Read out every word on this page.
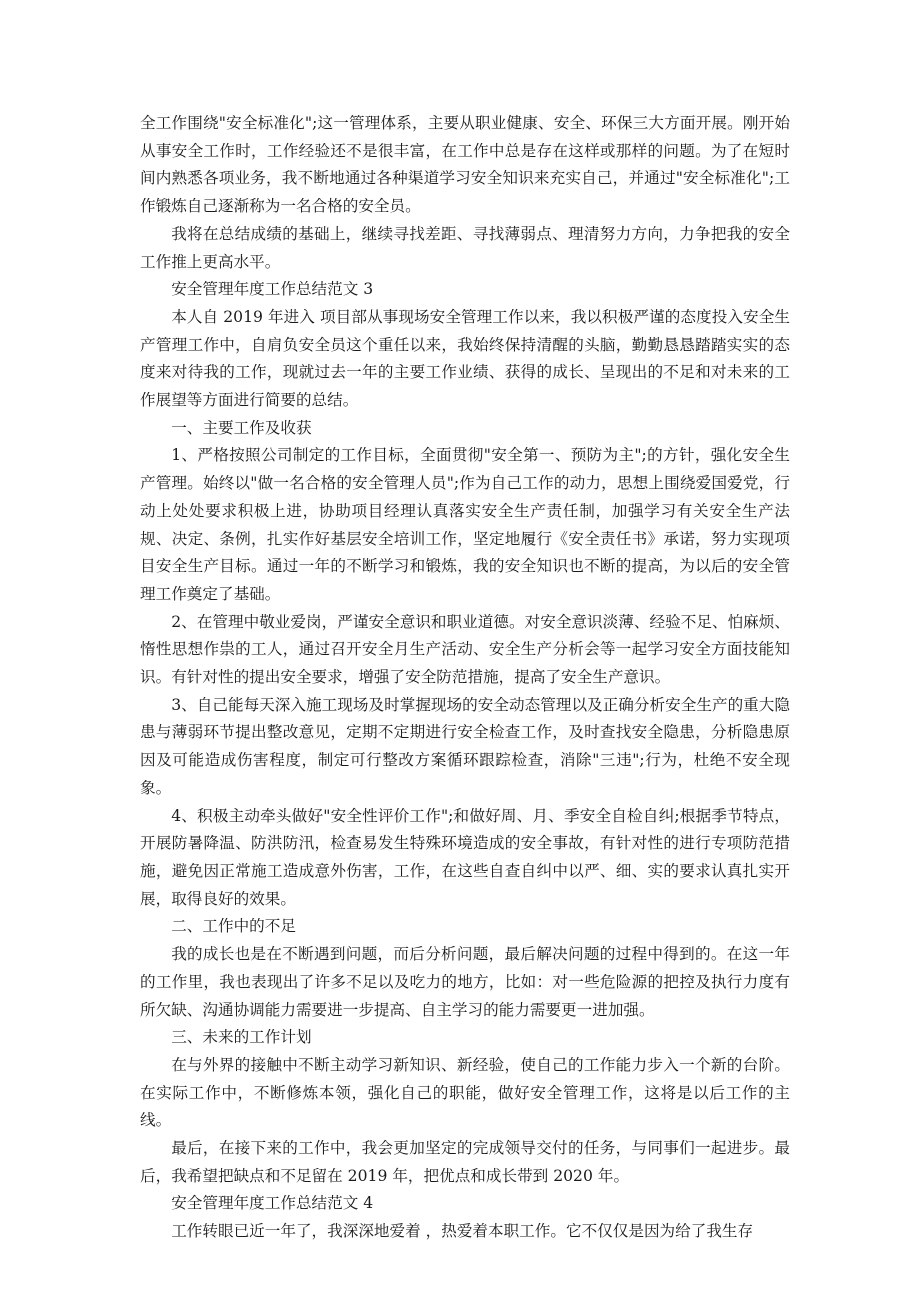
全工作围绕"安全标准化";这一管理体系，主要从职业健康、安全、环保三大方面开展。刚开始从事安全工作时，工作经验还不是很丰富，在工作中总是存在这样或那样的问题。为了在短时间内熟悉各项业务，我不断地通过各种渠道学习安全知识来充实自己，并通过"安全标准化";工作锻炼自己逐渐称为一名合格的安全员。

我将在总结成绩的基础上，继续寻找差距、寻找薄弱点、理清努力方向，力争把我的安全工作推上更高水平。

安全管理年度工作总结范文 3

本人自 2019 年进入 项目部从事现场安全管理工作以来，我以积极严谨的态度投入安全生产管理工作中，自肩负安全员这个重任以来，我始终保持清醒的头脑，勤勤恳恳踏踏实实的态度来对待我的工作，现就过去一年的主要工作业绩、获得的成长、呈现出的不足和对未来的工作展望等方面进行简要的总结。

一、主要工作及收获

1、严格按照公司制定的工作目标，全面贯彻"安全第一、预防为主";的方针，强化安全生产管理。始终以"做一名合格的安全管理人员";作为自己工作的动力，思想上围绕爱国爱党，行动上处处要求积极上进，协助项目经理认真落实安全生产责任制，加强学习有关安全生产法规、决定、条例，扎实作好基层安全培训工作，坚定地履行《安全责任书》承诺，努力实现项目安全生产目标。通过一年的不断学习和锻炼，我的安全知识也不断的提高，为以后的安全管理工作奠定了基础。

2、在管理中敬业爱岗，严谨安全意识和职业道德。对安全意识淡薄、经验不足、怕麻烦、惰性思想作祟的工人，通过召开安全月生产活动、安全生产分析会等一起学习安全方面技能知识。有针对性的提出安全要求，增强了安全防范措施，提高了安全生产意识。

3、自己能每天深入施工现场及时掌握现场的安全动态管理以及正确分析安全生产的重大隐患与薄弱环节提出整改意见，定期不定期进行安全检查工作，及时查找安全隐患，分析隐患原因及可能造成伤害程度，制定可行整改方案循环跟踪检查，消除"三违";行为，杜绝不安全现象。

4、积极主动牵头做好"安全性评价工作";和做好周、月、季安全自检自纠;根据季节特点，开展防暑降温、防洪防汛，检查易发生特殊环境造成的安全事故，有针对性的进行专项防范措施，避免因正常施工造成意外伤害，工作，在这些自查自纠中以严、细、实的要求认真扎实开展，取得良好的效果。

二、工作中的不足

我的成长也是在不断遇到问题，而后分析问题，最后解决问题的过程中得到的。在这一年的工作里，我也表现出了许多不足以及吃力的地方，比如：对一些危险源的把控及执行力度有所欠缺、沟通协调能力需要进一步提高、自主学习的能力需要更一进加强。

三、未来的工作计划

在与外界的接触中不断主动学习新知识、新经验，使自己的工作能力步入一个新的台阶。在实际工作中，不断修炼本领，强化自己的职能，做好安全管理工作，这将是以后工作的主线。

最后，在接下来的工作中，我会更加坚定的完成领导交付的任务，与同事们一起进步。最后，我希望把缺点和不足留在 2019 年，把优点和成长带到 2020 年。

安全管理年度工作总结范文 4

工作转眼已近一年了，我深深地爱着 ，热爱着本职工作。它不仅仅是因为给了我生存
